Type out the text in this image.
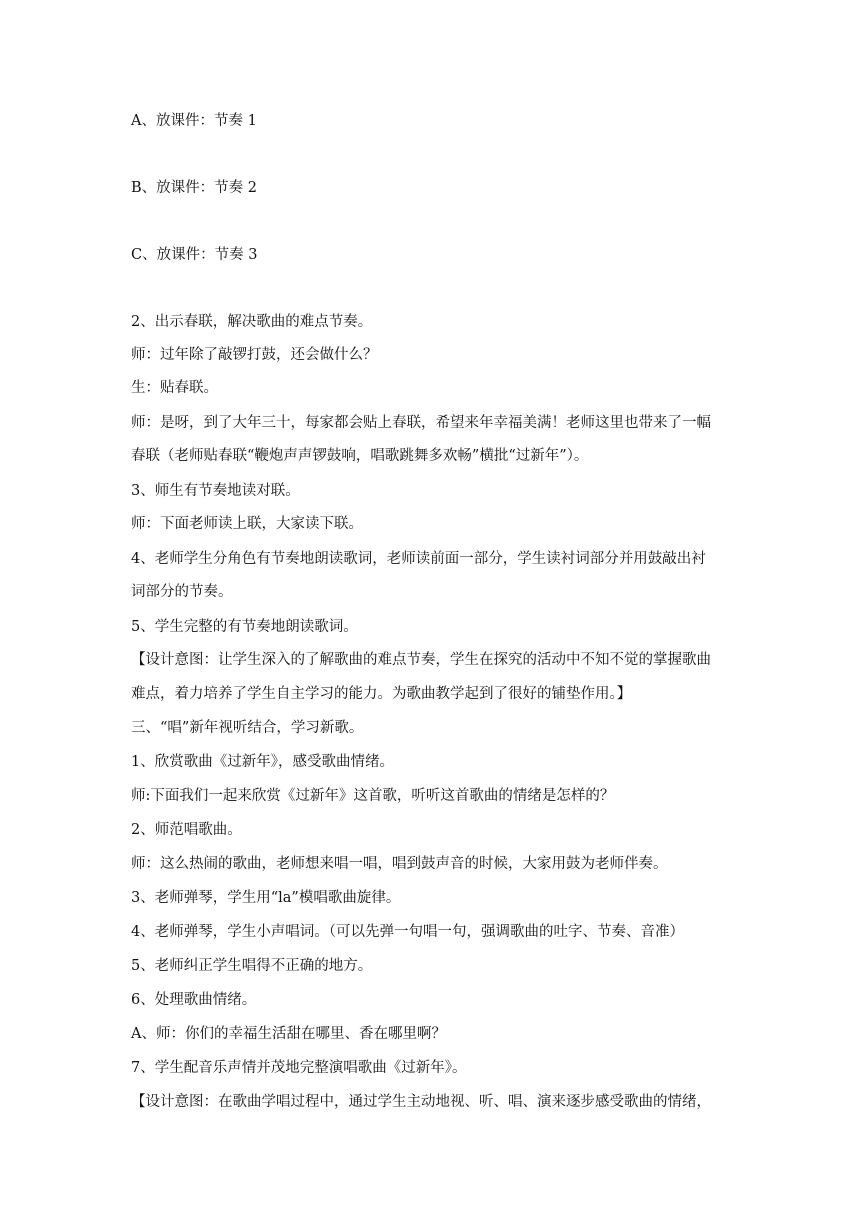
A、放课件：节奏 1
B、放课件：节奏 2
C、放课件：节奏 3
2、出示春联，解决歌曲的难点节奏。
师：过年除了敲锣打鼓，还会做什么？
生：贴春联。
师：是呀，到了大年三十，每家都会贴上春联，希望来年幸福美满！老师这里也带来了一幅
春联（老师贴春联“鞭炮声声锣鼓响，唱歌跳舞多欢畅”横批“过新年”）。
3、师生有节奏地读对联。
师：下面老师读上联，大家读下联。
4、老师学生分角色有节奏地朗读歌词，老师读前面一部分，学生读衬词部分并用鼓敲出衬
词部分的节奏。
5、学生完整的有节奏地朗读歌词。
【设计意图：让学生深入的了解歌曲的难点节奏，学生在探究的活动中不知不觉的掌握歌曲
难点，着力培养了学生自主学习的能力。为歌曲教学起到了很好的铺垫作用。】
三、“唱”新年视听结合，学习新歌。
1、欣赏歌曲《过新年》，感受歌曲情绪。
师:下面我们一起来欣赏《过新年》这首歌，听听这首歌曲的情绪是怎样的？
2、师范唱歌曲。
师：这么热闹的歌曲，老师想来唱一唱，唱到鼓声音的时候，大家用鼓为老师伴奏。
3、老师弹琴，学生用“la”模唱歌曲旋律。
4、老师弹琴，学生小声唱词。（可以先弹一句唱一句，强调歌曲的吐字、节奏、音准）
5、老师纠正学生唱得不正确的地方。
6、处理歌曲情绪。
A、师：你们的幸福生活甜在哪里、香在哪里啊？
7、学生配音乐声情并茂地完整演唱歌曲《过新年》。
【设计意图：在歌曲学唱过程中，通过学生主动地视、听、唱、演来逐步感受歌曲的情绪，
